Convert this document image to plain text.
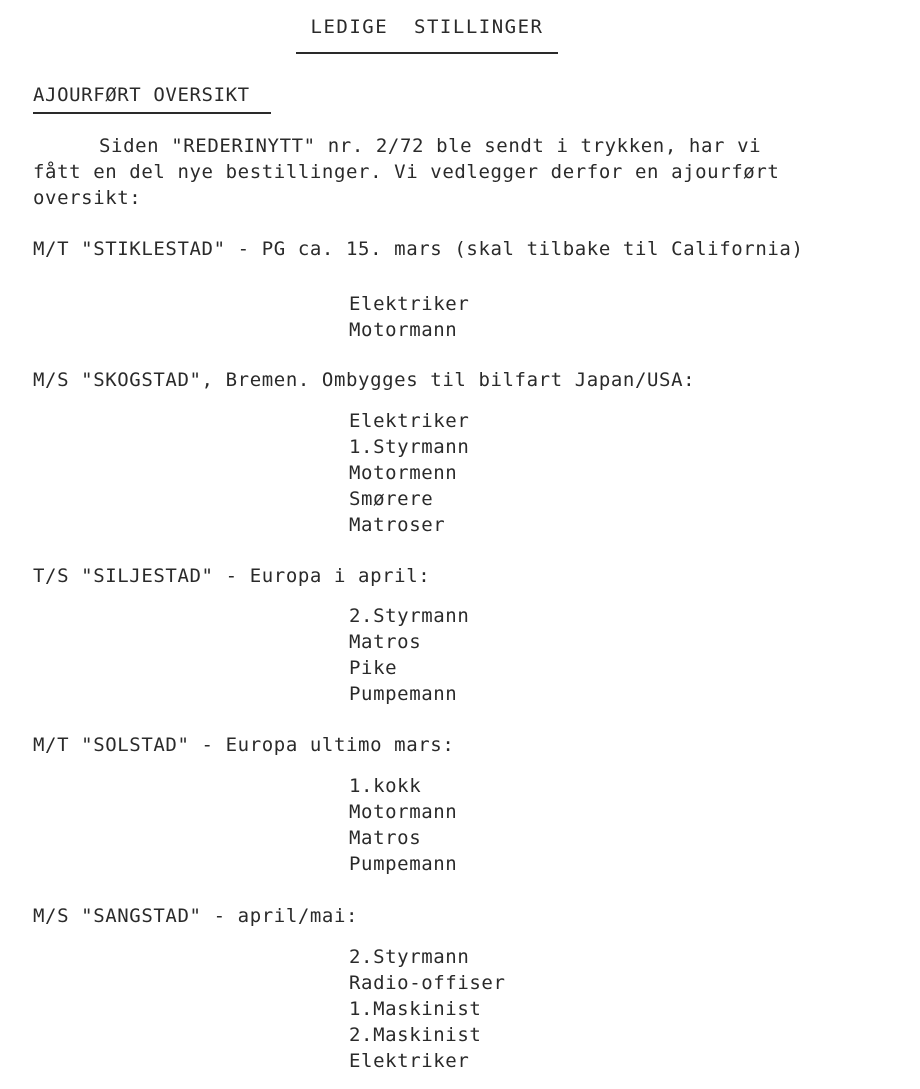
LEDIGE  STILLINGER
AJOURFØRT OVERSIKT

Siden "REDERINYTT" nr. 2/72 ble sendt i trykken, har vi
fått en del nye bestillinger. Vi vedlegger derfor en ajourført
oversikt:

M/T "STIKLESTAD" - PG ca. 15. mars (skal tilbake til California)
Elektriker
Motormann
M/S "SKOGSTAD", Bremen. Ombygges til bilfart Japan/USA:
Elektriker
1.Styrmann
Motormenn
Smørere
Matroser
T/S "SILJESTAD" - Europa i april:
2.Styrmann
Matros
Pike
Pumpemann
M/T "SOLSTAD" - Europa ultimo mars:
1.kokk
Motormann
Matros
Pumpemann
M/S "SANGSTAD" - april/mai:
2.Styrmann
Radio-offiser
1.Maskinist
2.Maskinist
Elektriker
